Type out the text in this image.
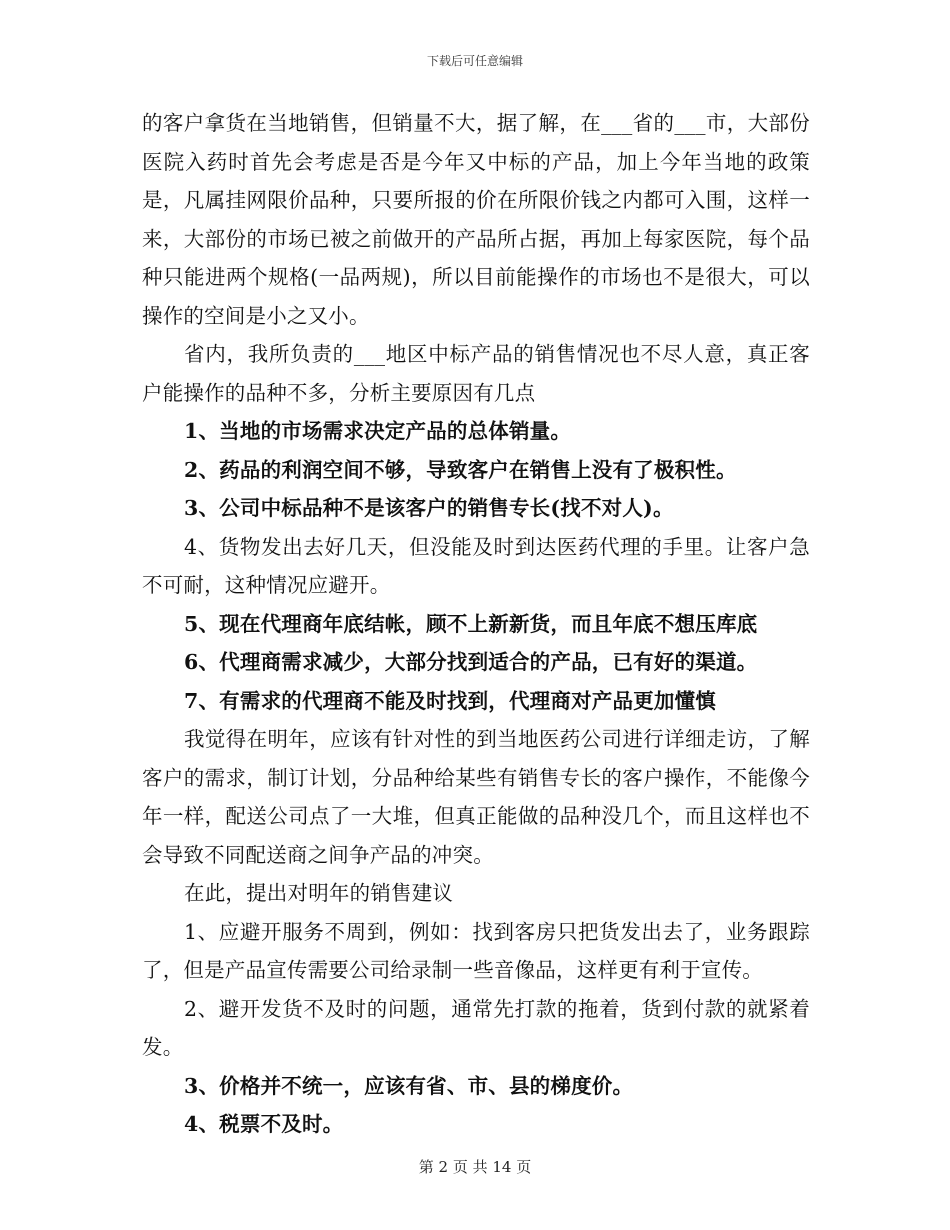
下载后可任意编辑

的客户拿货在当地销售，但销量不大，据了解，在___省的___市，大部份医院入药时首先会考虑是否是今年又中标的产品，加上今年当地的政策是，凡属挂网限价品种，只要所报的价在所限价钱之内都可入围，这样一来，大部份的市场已被之前做开的产品所占据，再加上每家医院，每个品种只能进两个规格(一品两规)，所以目前能操作的市场也不是很大，可以操作的空间是小之又小。

省内，我所负责的___地区中标产品的销售情况也不尽人意，真正客户能操作的品种不多，分析主要原因有几点

1、当地的市场需求决定产品的总体销量。

2、药品的利润空间不够，导致客户在销售上没有了极积性。

3、公司中标品种不是该客户的销售专长(找不对人)。

4、货物发出去好几天，但没能及时到达医药代理的手里。让客户急不可耐，这种情况应避开。

5、现在代理商年底结帐，顾不上新新货，而且年底不想压库底

6、代理商需求减少，大部分找到适合的产品，已有好的渠道。

7、有需求的代理商不能及时找到，代理商对产品更加懂慎

我觉得在明年，应该有针对性的到当地医药公司进行详细走访，了解客户的需求，制订计划，分品种给某些有销售专长的客户操作，不能像今年一样，配送公司点了一大堆，但真正能做的品种没几个，而且这样也不会导致不同配送商之间争产品的冲突。

在此，提出对明年的销售建议

1、应避开服务不周到，例如：找到客房只把货发出去了，业务跟踪了，但是产品宣传需要公司给录制一些音像品，这样更有利于宣传。

2、避开发货不及时的问题，通常先打款的拖着，货到付款的就紧着发。

3、价格并不统一，应该有省、市、县的梯度价。

4、税票不及时。

第 2 页 共 14 页
